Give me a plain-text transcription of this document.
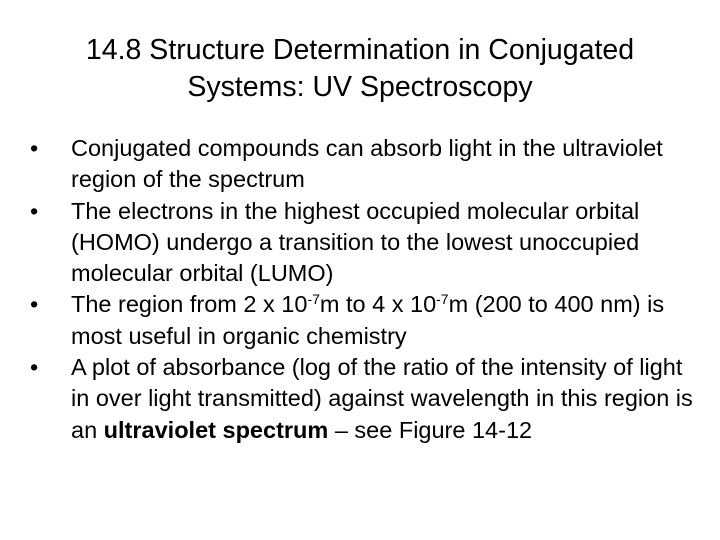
14.8 Structure Determination in Conjugated
Systems: UV Spectroscopy
•	Conjugated compounds can absorb light in the ultraviolet region of the spectrum
•	The electrons in the highest occupied molecular orbital (HOMO) undergo a transition to the lowest unoccupied molecular orbital (LUMO)
•	The region from 2 x $10^{-7}m$ to 4 x $10^{-7}m$ (200 to 400 nm) is most useful in organic chemistry
•	A plot of absorbance (log of the ratio of the intensity of light in over light transmitted) against wavelength in this region is an ultraviolet spectrum – see Figure 14-12
